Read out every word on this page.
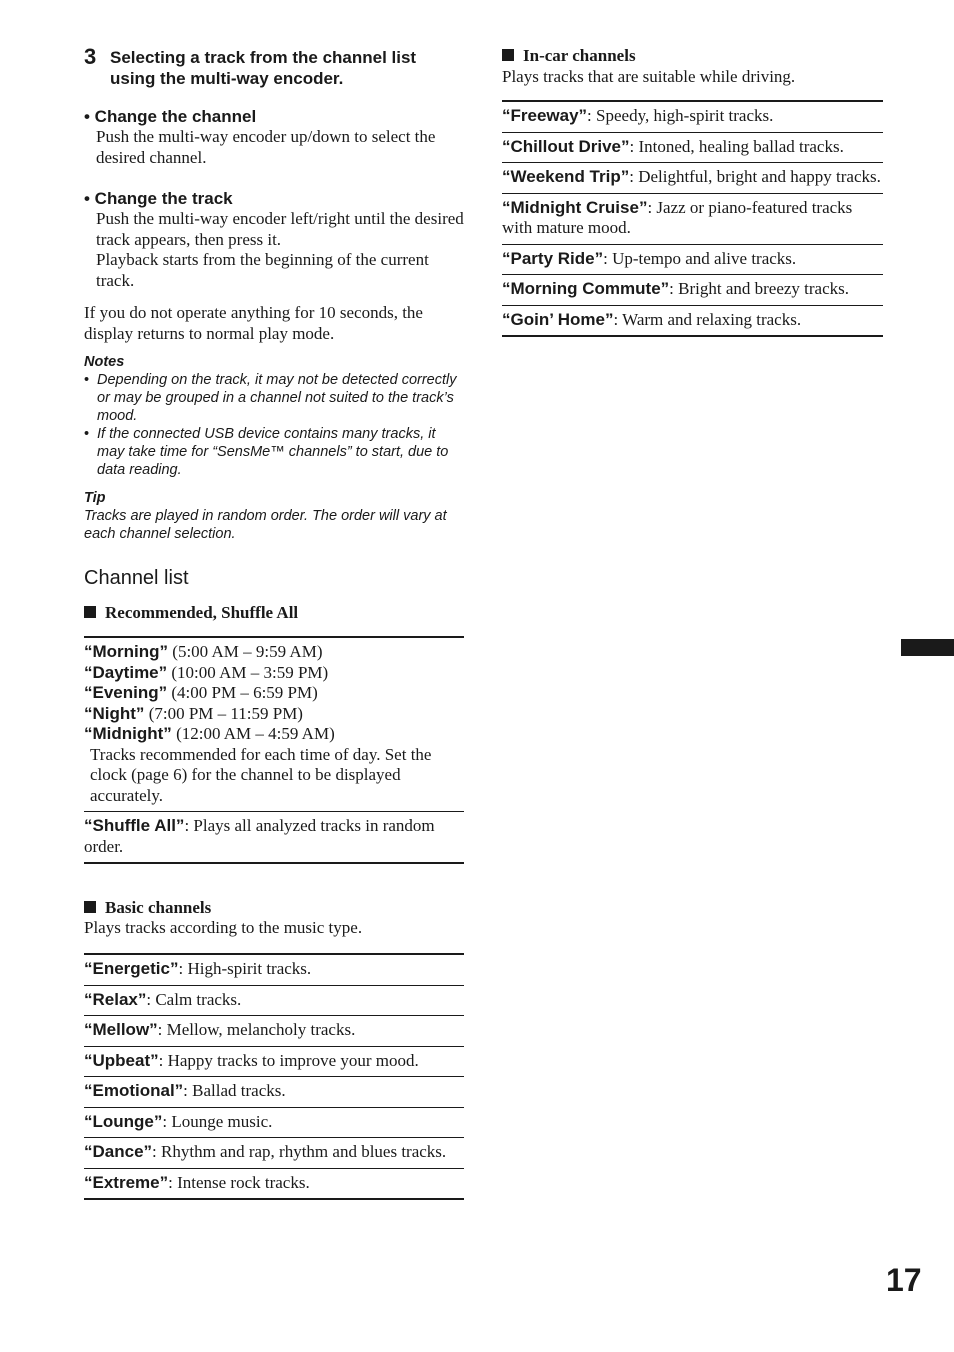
3 Selecting a track from the channel list using the multi-way encoder.
• Change the channel
Push the multi-way encoder up/down to select the desired channel.
• Change the track
Push the multi-way encoder left/right until the desired track appears, then press it.
Playback starts from the beginning of the current track.
If you do not operate anything for 10 seconds, the display returns to normal play mode.
Notes
• Depending on the track, it may not be detected correctly or may be grouped in a channel not suited to the track’s mood.
• If the connected USB device contains many tracks, it may take time for “SensMe™ channels” to start, due to data reading.
Tip
Tracks are played in random order. The order will vary at each channel selection.
Channel list
Recommended, Shuffle All
“Morning” (5:00 AM – 9:59 AM)
“Daytime” (10:00 AM – 3:59 PM)
“Evening” (4:00 PM – 6:59 PM)
“Night” (7:00 PM – 11:59 PM)
“Midnight” (12:00 AM – 4:59 AM)
Tracks recommended for each time of day. Set the clock (page 6) for the channel to be displayed accurately.
“Shuffle All”: Plays all analyzed tracks in random order.
Basic channels
Plays tracks according to the music type.
“Energetic”: High-spirit tracks.
“Relax”: Calm tracks.
“Mellow”: Mellow, melancholy tracks.
“Upbeat”: Happy tracks to improve your mood.
“Emotional”: Ballad tracks.
“Lounge”: Lounge music.
“Dance”: Rhythm and rap, rhythm and blues tracks.
“Extreme”: Intense rock tracks.
In-car channels
Plays tracks that are suitable while driving.
“Freeway”: Speedy, high-spirit tracks.
“Chillout Drive”: Intoned, healing ballad tracks.
“Weekend Trip”: Delightful, bright and happy tracks.
“Midnight Cruise”: Jazz or piano-featured tracks with mature mood.
“Party Ride”: Up-tempo and alive tracks.
“Morning Commute”: Bright and breezy tracks.
“Goin’ Home”: Warm and relaxing tracks.
17
